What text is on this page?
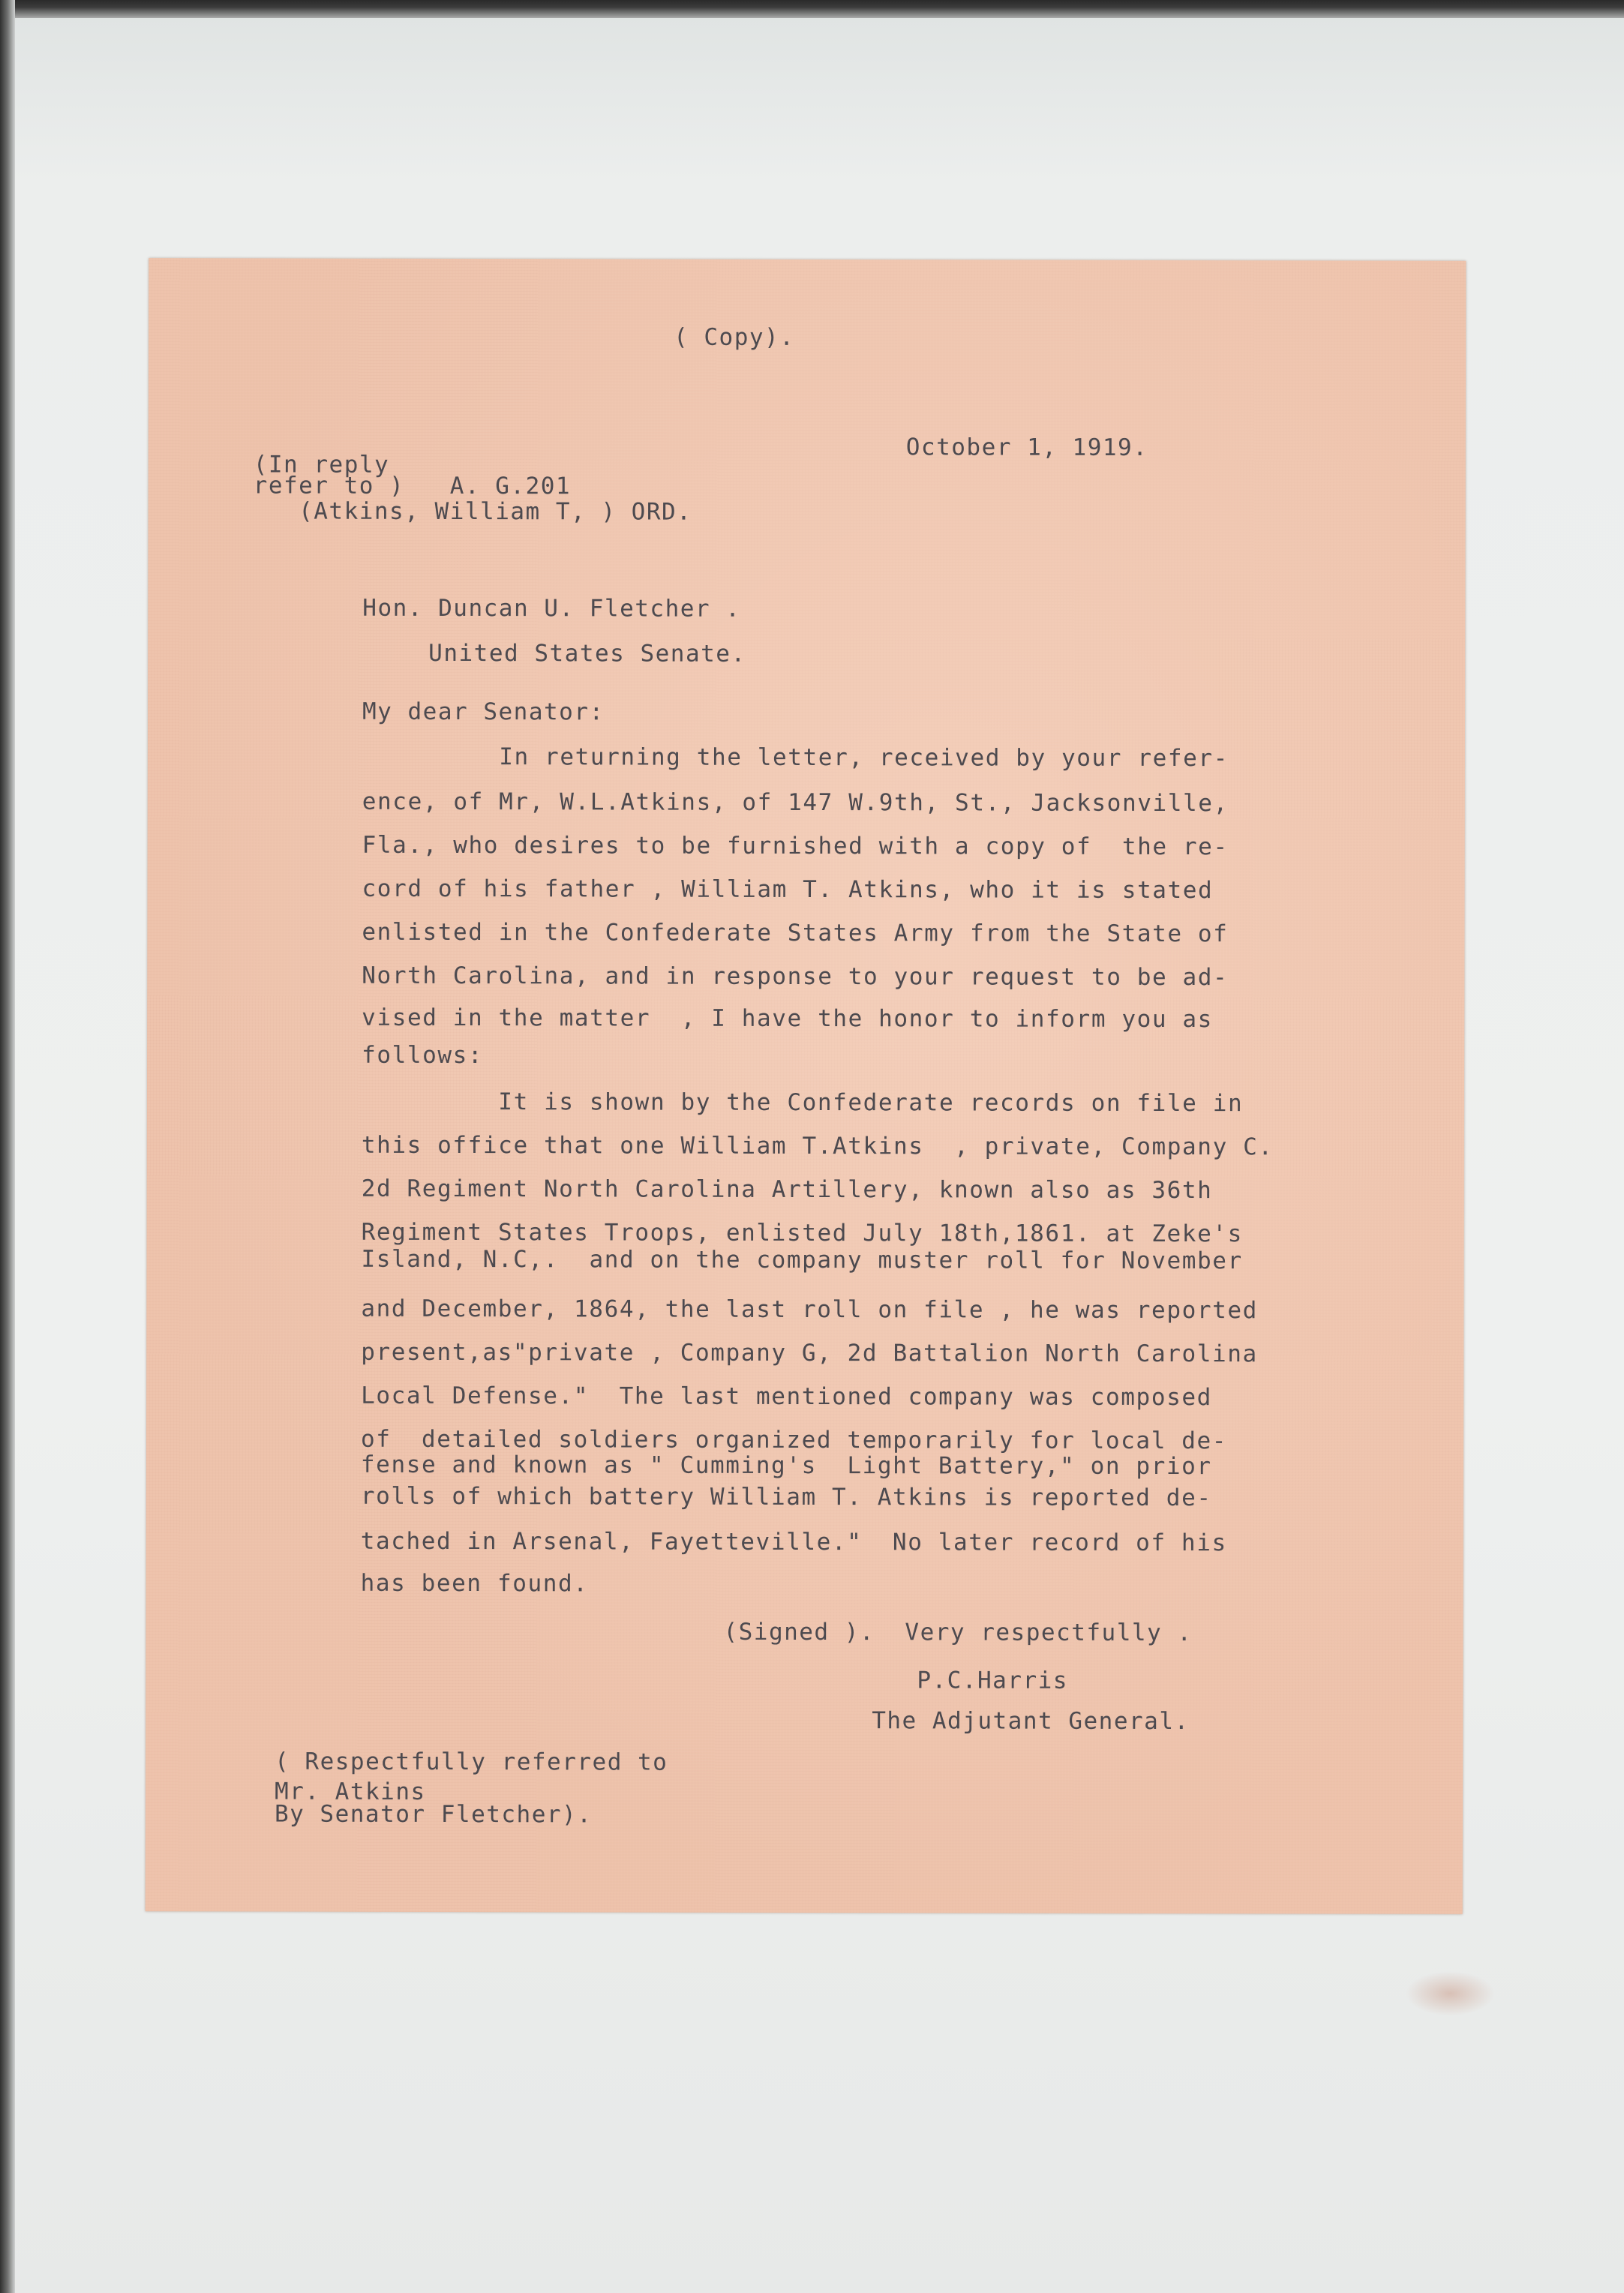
( Copy).

October 1, 1919.

(In reply

refer to )   A. G.201

(Atkins, William T, ) ORD.

Hon. Duncan U. Fletcher .

United States Senate.

My dear Senator:

In returning the letter, received by your refer-

ence, of Mr, W.L.Atkins, of 147 W.9th, St., Jacksonville,

Fla., who desires to be furnished with a copy of  the re-

cord of his father , William T. Atkins, who it is stated

enlisted in the Confederate States Army from the State of

North Carolina, and in response to your request to be ad-

vised in the matter  , I have the honor to inform you as

follows:

It is shown by the Confederate records on file in

this office that one William T.Atkins  , private, Company C.

2d Regiment North Carolina Artillery, known also as 36th

Regiment States Troops, enlisted July 18th,1861. at Zeke's

Island, N.C,.  and on the company muster roll for November

and December, 1864, the last roll on file , he was reported

present,as"private , Company G, 2d Battalion North Carolina

Local Defense."  The last mentioned company was composed

of  detailed soldiers organized temporarily for local de-

fense and known as " Cumming's  Light Battery," on prior

rolls of which battery William T. Atkins is reported de-

tached in Arsenal, Fayetteville."  No later record of his

has been found.

(Signed ).  Very respectfully .

P.C.Harris

The Adjutant General.

( Respectfully referred to

Mr. Atkins

By Senator Fletcher).
